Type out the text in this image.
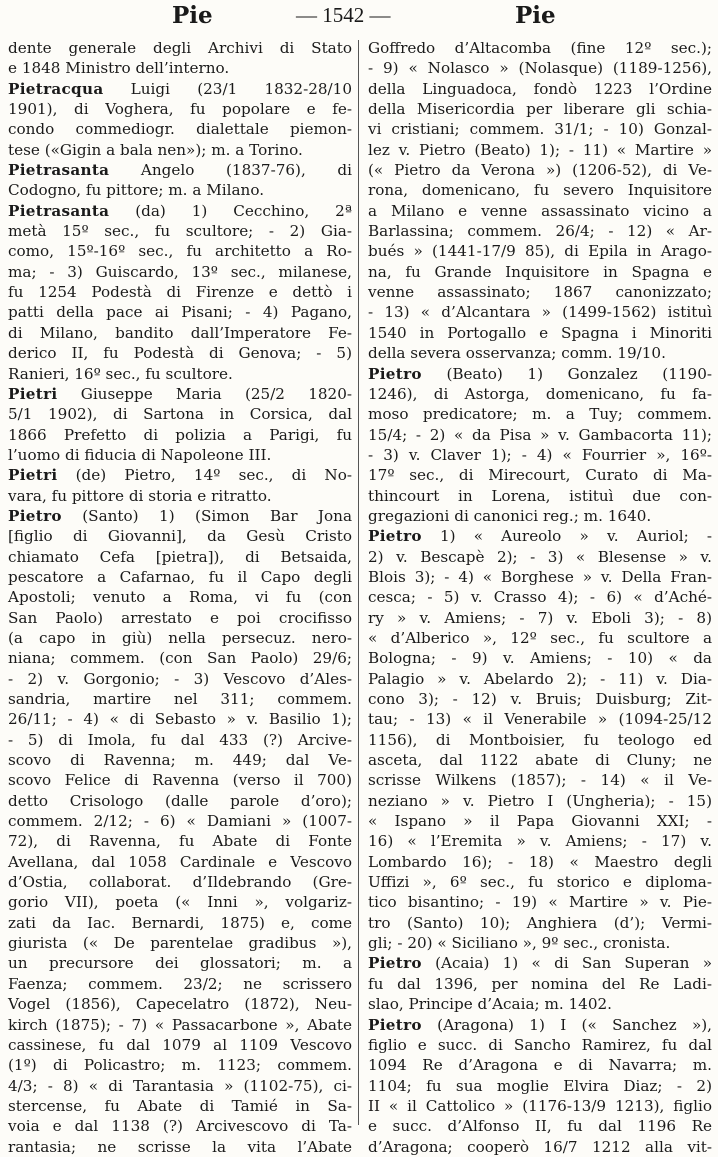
Pie	— 1542 —	Pie
dente generale degli Archivi di Stato
e 1848 Ministro dell’interno.
Pietracqua Luigi (23/1 1832-28/10
1901), di Voghera, fu popolare e fe-
condo commediogr. dialettale piemon-
tese («Gigin a bala nen»); m. a Torino.
Pietrasanta Angelo (1837-76), di
Codogno, fu pittore; m. a Milano.
Pietrasanta (da) 1) Cecchino, 2ª
metà 15º sec., fu scultore; - 2) Gia-
como, 15º-16º sec., fu architetto a Ro-
ma; - 3) Guiscardo, 13º sec., milanese,
fu 1254 Podestà di Firenze e dettò i
patti della pace ai Pisani; - 4) Pagano,
di Milano, bandito dall’Imperatore Fe-
derico II, fu Podestà di Genova; - 5)
Ranieri, 16º sec., fu scultore.
Pietri Giuseppe Maria (25/2 1820-
5/1 1902), di Sartona in Corsica, dal
1866 Prefetto di polizia a Parigi, fu
l’uomo di fiducia di Napoleone III.
Pietri (de) Pietro, 14º sec., di No-
vara, fu pittore di storia e ritratto.
Pietro (Santo) 1) (Simon Bar Jona
[figlio di Giovanni], da Gesù Cristo
chiamato Cefa [pietra]), di Betsaida,
pescatore a Cafarnao, fu il Capo degli
Apostoli; venuto a Roma, vi fu (con
San Paolo) arrestato e poi crocifisso
(a capo in giù) nella persecuz. nero-
niana; commem. (con San Paolo) 29/6;
- 2) v. Gorgonio; - 3) Vescovo d’Ales-
sandria, martire nel 311; commem.
26/11; - 4) « di Sebasto » v. Basilio 1);
- 5) di Imola, fu dal 433 (?) Arcive-
scovo di Ravenna; m. 449; dal Ve-
scovo Felice di Ravenna (verso il 700)
detto Crisologo (dalle parole d’oro);
commem. 2/12; - 6) « Damiani » (1007-
72), di Ravenna, fu Abate di Fonte
Avellana, dal 1058 Cardinale e Vescovo
d’Ostia, collaborat. d’Ildebrando (Gre-
gorio VII), poeta (« Inni », volgariz-
zati da Iac. Bernardi, 1875) e, come
giurista (« De parentelae gradibus »),
un precursore dei glossatori; m. a
Faenza; commem. 23/2; ne scrissero
Vogel (1856), Capecelatro (1872), Neu-
kirch (1875); - 7) « Passacarbone », Abate
cassinese, fu dal 1079 al 1109 Vescovo
(1º) di Policastro; m. 1123; commem.
4/3; - 8) « di Tarantasia » (1102-75), ci-
stercense, fu Abate di Tamié in Sa-
voia e dal 1138 (?) Arcivescovo di Ta-
rantasia; ne scrisse la vita l’Abate
Goffredo d’Altacomba (fine 12º sec.);
- 9) « Nolasco » (Nolasque) (1189-1256),
della Linguadoca, fondò 1223 l’Ordine
della Misericordia per liberare gli schia-
vi cristiani; commem. 31/1; - 10) Gonzal-
lez v. Pietro (Beato) 1); - 11) « Martire »
(« Pietro da Verona ») (1206-52), di Ve-
rona, domenicano, fu severo Inquisitore
a Milano e venne assassinato vicino a
Barlassina; commem. 26/4; - 12) « Ar-
bués » (1441-17/9 85), di Epila in Arago-
na, fu Grande Inquisitore in Spagna e
venne assassinato; 1867 canonizzato;
- 13) « d’Alcantara » (1499-1562) istituì
1540 in Portogallo e Spagna i Minoriti
della severa osservanza; comm. 19/10.
Pietro (Beato) 1) Gonzalez (1190-
1246), di Astorga, domenicano, fu fa-
moso predicatore; m. a Tuy; commem.
15/4; - 2) « da Pisa » v. Gambacorta 11);
- 3) v. Claver 1); - 4) « Fourrier », 16º-
17º sec., di Mirecourt, Curato di Ma-
thincourt in Lorena, istituì due con-
gregazioni di canonici reg.; m. 1640.
Pietro 1) « Aureolo » v. Auriol; -
2) v. Bescapè 2); - 3) « Blesense » v.
Blois 3); - 4) « Borghese » v. Della Fran-
cesca; - 5) v. Crasso 4); - 6) « d’Aché-
ry » v. Amiens; - 7) v. Eboli 3); - 8)
« d’Alberico », 12º sec., fu scultore a
Bologna; - 9) v. Amiens; - 10) « da
Palagio » v. Abelardo 2); - 11) v. Dia-
cono 3); - 12) v. Bruis; Duisburg; Zit-
tau; - 13) « il Venerabile » (1094-25/12
1156), di Montboisier, fu teologo ed
asceta, dal 1122 abate di Cluny; ne
scrisse Wilkens (1857); - 14) « il Ve-
neziano » v. Pietro I (Ungheria); - 15)
« Ispano » il Papa Giovanni XXI; -
16) « l’Eremita » v. Amiens; - 17) v.
Lombardo 16); - 18) « Maestro degli
Uffizi », 6º sec., fu storico e diploma-
tico bisantino; - 19) « Martire » v. Pie-
tro (Santo) 10); Anghiera (d’); Vermi-
gli; - 20) « Siciliano », 9º sec., cronista.
Pietro (Acaia) 1) « di San Superan »
fu dal 1396, per nomina del Re Ladi-
slao, Principe d’Acaia; m. 1402.
Pietro (Aragona) 1) I (« Sanchez »),
figlio e succ. di Sancho Ramirez, fu dal
1094 Re d’Aragona e di Navarra; m.
1104; fu sua moglie Elvira Diaz; - 2)
II « il Cattolico » (1176-13/9 1213), figlio
e succ. d’Alfonso II, fu dal 1196 Re
d’Aragona; cooperò 16/7 1212 alla vit-
